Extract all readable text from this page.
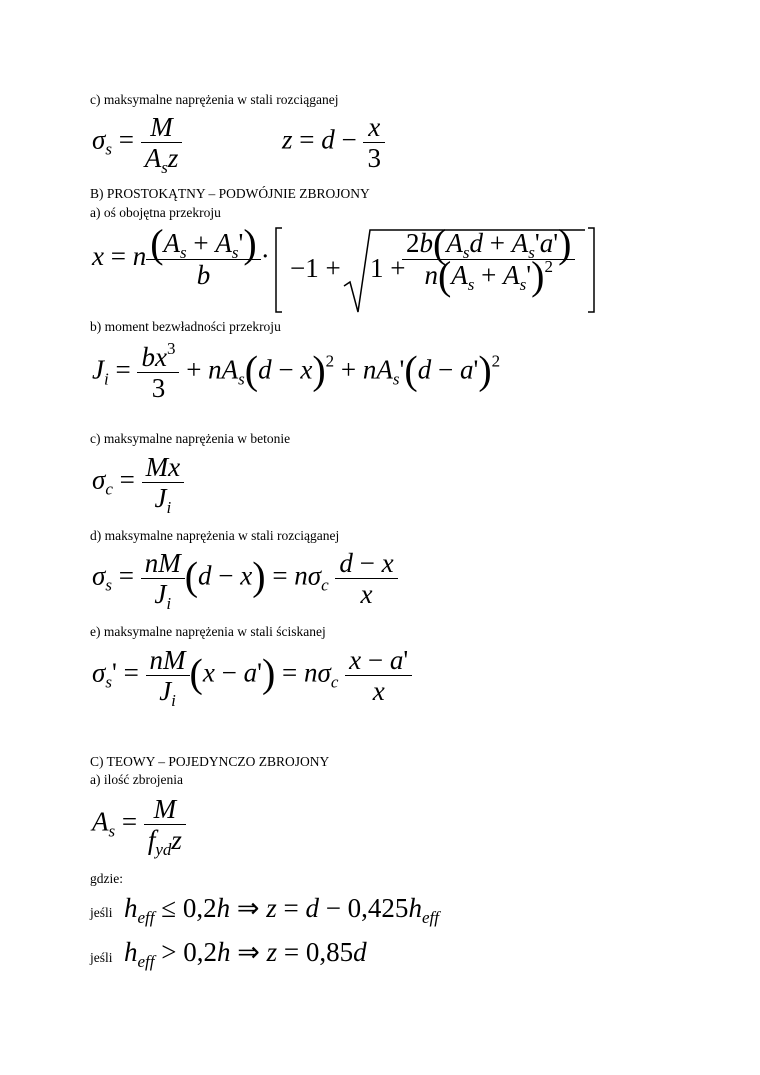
c) maksymalne naprężenia w stali rozciąganej
B) PROSTOKĄTNY – PODWÓJNIE ZBROJONY
a) oś obojętna przekroju
b) moment bezwładności przekroju
c) maksymalne naprężenia w betonie
d) maksymalne naprężenia w stali rozciąganej
e) maksymalne naprężenia w stali ściskanej
C) TEOWY – POJEDYNCZO ZBROJONY
a) ilość zbrojenia
gdzie:
jeśli
jeśli
$\sigma_s = M$
$A_sz$
$z = d - \frac{x}{3}$
x = n $\frac{(A_s + A_s')}{b} \cdot -1 + 1$ +
$2b(A_sd + A_s'a')$
$n(A_s + A_s')^2$
$J_i = \frac{bx^3}{3} + nA_s(d - x)^2 + nA_s'(d - a')^2$
$\sigma_c = \frac{Mx}{J_i}$
$\sigma_s = \frac{nM}{J_i} (d - x) = n\sigma_c \frac{d - x}{x}$
$\sigma_s' = \frac{nM}{J_i} (x - a') = n\sigma_c \frac{x - a'}{x}$
$A_s = M$
$f_{yd}z$
$h_{eff} \le 0,2h$ ⇒ $z = d - 0,425h_{eff}$
$h_{eff} > 0,2h$ ⇒ z = 0,85d
